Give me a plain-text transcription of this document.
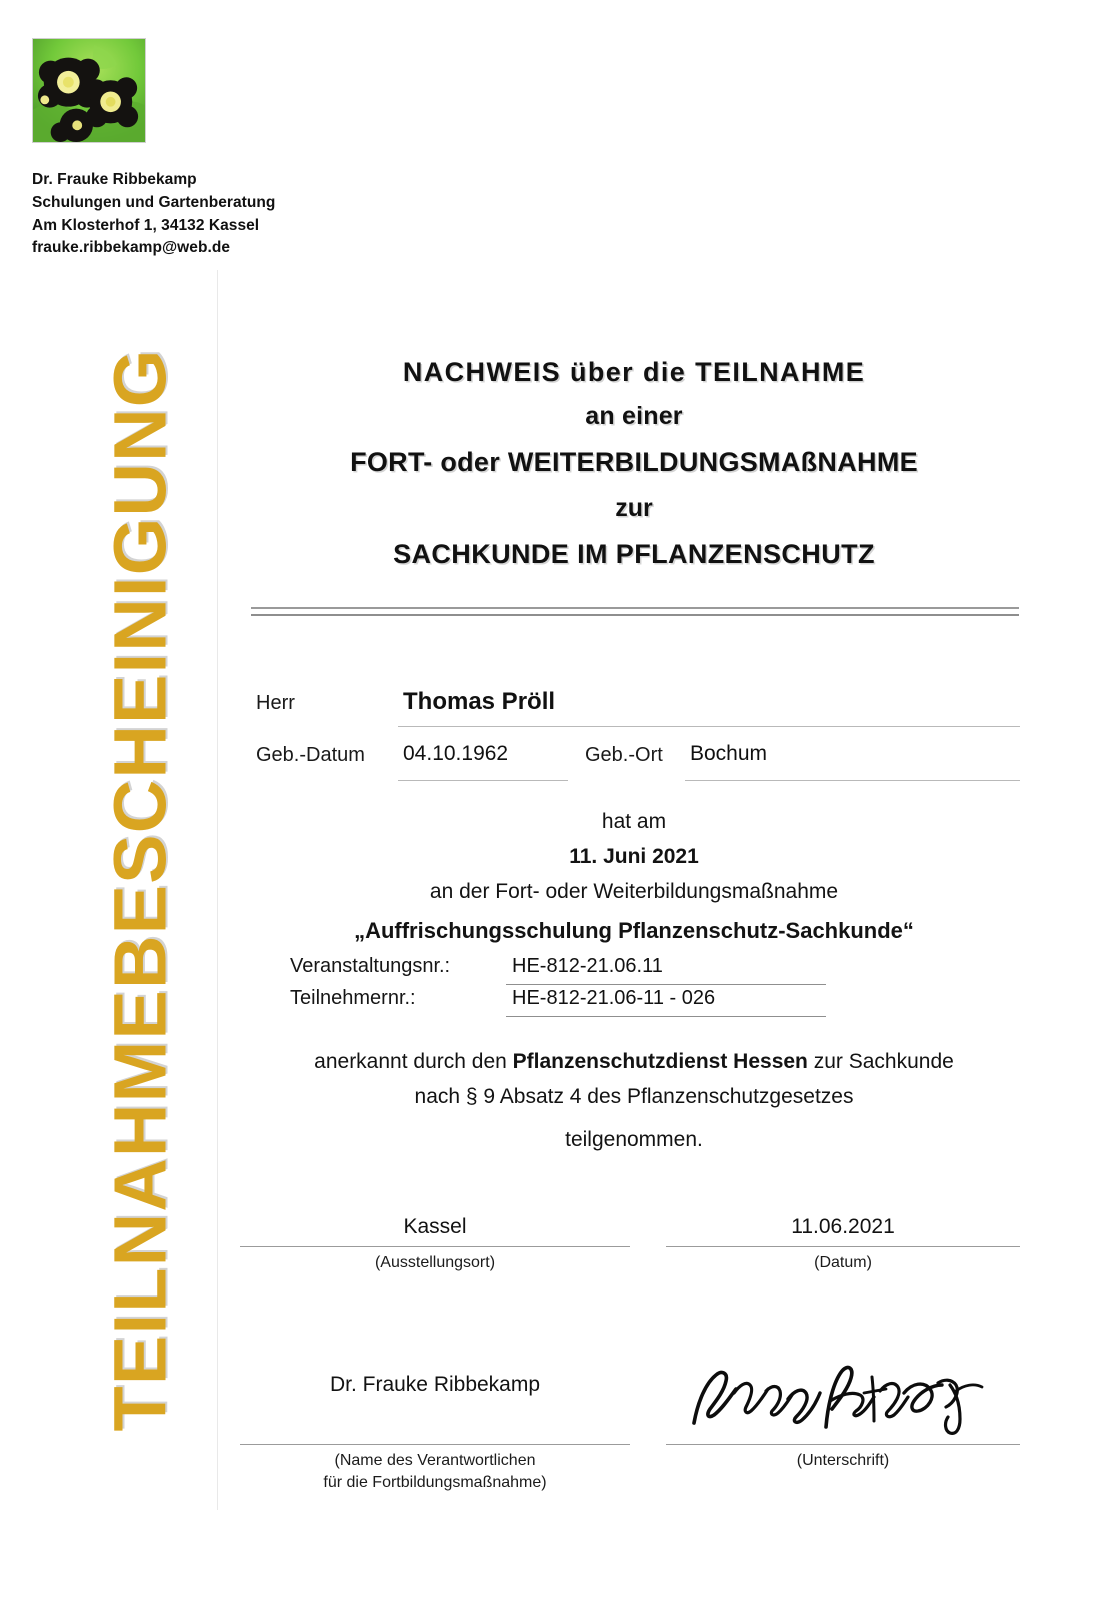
Dr. Frauke Ribbekamp
Schulungen und Gartenberatung
Am Klosterhof 1, 34132 Kassel
frauke.ribbekamp@web.de
TEILNAHMEBESCHEINIGUNG	NACHWEIS über die TEILNAHME
an einer
FORT- oder WEITERBILDUNGSMAßNAHME
zur
SACHKUNDE IM PFLANZENSCHUTZ
Herr	Thomas Pröll
Geb.-Datum 04.10.1962	Geb.-Ort Bochum
hat am
11. Juni 2021
an der Fort- oder Weiterbildungsmaßnahme
„Auffrischungsschulung Pflanzenschutz-Sachkunde“
Veranstaltungsnr.:	HE-812-21.06.11
Teilnehmernr.:	HE-812-21.06-11 - 026
anerkannt durch den Pflanzenschutzdienst Hessen zur Sachkunde
nach § 9 Absatz 4 des Pflanzenschutzgesetzes
teilgenommen.
Kassel
(Ausstellungsort)
11.06.2021
(Datum)
Dr. Frauke Ribbekamp
(Name des Verantwortlichen
für die Fortbildungsmaßnahme)
(Unterschrift)
